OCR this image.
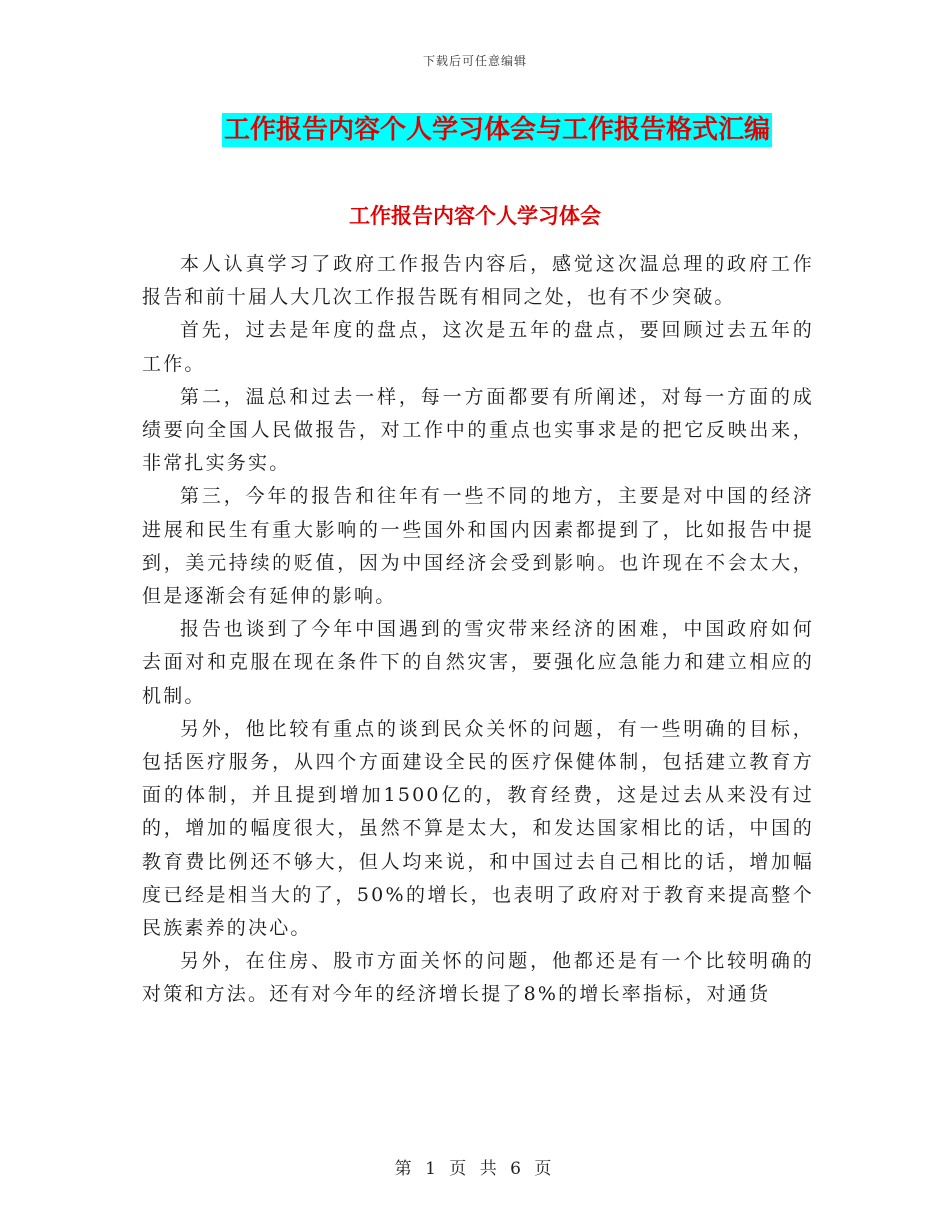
下载后可任意编辑
工作报告内容个人学习体会与工作报告格式汇编
工作报告内容个人学习体会

本人认真学习了政府工作报告内容后，感觉这次温总理的政府工作报告和前十届人大几次工作报告既有相同之处，也有不少突破。

首先，过去是年度的盘点，这次是五年的盘点，要回顾过去五年的工作。

第二，温总和过去一样，每一方面都要有所阐述，对每一方面的成绩要向全国人民做报告，对工作中的重点也实事求是的把它反映出来，非常扎实务实。

第三，今年的报告和往年有一些不同的地方，主要是对中国的经济进展和民生有重大影响的一些国外和国内因素都提到了，比如报告中提到，美元持续的贬值，因为中国经济会受到影响。也许现在不会太大，但是逐渐会有延伸的影响。

报告也谈到了今年中国遇到的雪灾带来经济的困难，中国政府如何去面对和克服在现在条件下的自然灾害，要强化应急能力和建立相应的机制。

另外，他比较有重点的谈到民众关怀的问题，有一些明确的目标，包括医疗服务，从四个方面建设全民的医疗保健体制，包括建立教育方面的体制，并且提到增加1500亿的，教育经费，这是过去从来没有过的，增加的幅度很大，虽然不算是太大，和发达国家相比的话，中国的教育费比例还不够大，但人均来说，和中国过去自己相比的话，增加幅度已经是相当大的了，50%的增长，也表明了政府对于教育来提高整个民族素养的决心。

另外，在住房、股市方面关怀的问题，他都还是有一个比较明确的对策和方法。还有对今年的经济增长提了8%的增长率指标，对通货

第 1 页 共 6 页
